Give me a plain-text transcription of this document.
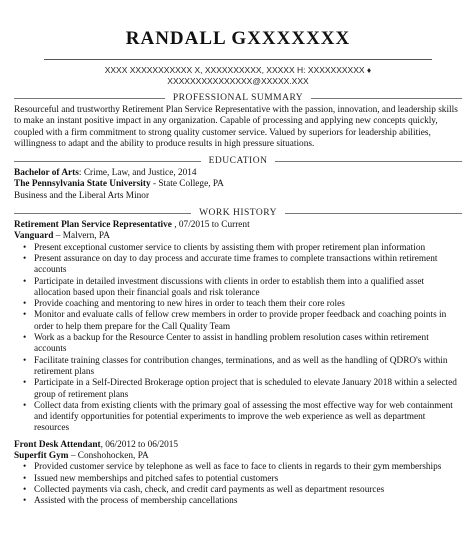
RANDALL GXXXXXXX
XXXX XXXXXXXXXXX X, XXXXXXXXXX, XXXXX H: XXXXXXXXXX ♦
XXXXXXXXXXXXXXX@XXXXX.XXX
PROFESSIONAL SUMMARY

Resourceful and trustworthy Retirement Plan Service Representative with the passion, innovation, and leadership skills to make an instant positive impact in any organization. Capable of processing and applying new concepts quickly, coupled with a firm commitment to strong quality customer service. Valued by superiors for leadership abilities, willingness to adapt and the ability to produce results in high pressure situations.

EDUCATION
Bachelor of Arts: Crime, Law, and Justice, 2014
The Pennsylvania State University - State College, PA
Business and the Liberal Arts Minor
WORK HISTORY
Retirement Plan Service Representative , 07/2015 to Current
Vanguard – Malvern, PA
• Present exceptional customer service to clients by assisting them with proper retirement plan information
• Present assurance on day to day process and accurate time frames to complete transactions within retirement accounts
• Participate in detailed investment discussions with clients in order to establish them into a qualified asset allocation based upon their financial goals and risk tolerance
• Provide coaching and mentoring to new hires in order to teach them their core roles
• Monitor and evaluate calls of fellow crew members in order to provide proper feedback and coaching points in order to help them prepare for the Call Quality Team
• Work as a backup for the Resource Center to assist in handling problem resolution cases within retirement accounts
• Facilitate training classes for contribution changes, terminations, and as well as the handling of QDRO's within retirement plans
• Participate in a Self-Directed Brokerage option project that is scheduled to elevate January 2018 within a selected group of retirement plans
• Collect data from existing clients with the primary goal of assessing the most effective way for web containment and identify opportunities for potential experiments to improve the web experience as well as department resources
Front Desk Attendant, 06/2012 to 06/2015
Superfit Gym – Conshohocken, PA
• Provided customer service by telephone as well as face to face to clients in regards to their gym memberships
• Issued new memberships and pitched safes to potential customers
• Collected payments via cash, check, and credit card payments as well as department resources
• Assisted with the process of membership cancellations
